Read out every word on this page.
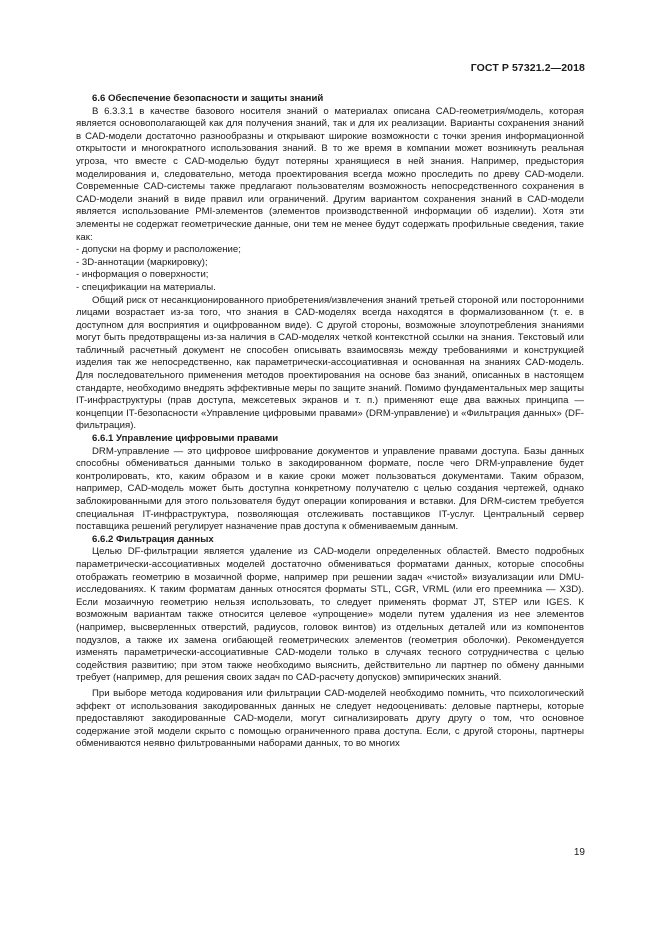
ГОСТ Р 57321.2—2018

6.6 Обеспечение безопасности и защиты знаний

В 6.3.3.1 в качестве базового носителя знаний о материалах описана CAD-геометрия/модель, которая является основополагающей как для получения знаний, так и для их реализации. Варианты сохранения знаний в CAD-модели достаточно разнообразны и открывают широкие возможности с точки зрения информационной открытости и многократного использования знаний. В то же время в компании может возникнуть реальная угроза, что вместе с CAD-моделью будут потеряны хранящиеся в ней знания. Например, предыстория моделирования и, следовательно, метода проектирования всегда можно проследить по древу CAD-модели. Современные CAD-системы также предлагают пользователям возможность непосредственного сохранения в CAD-модели знаний в виде правил или ограничений. Другим вариантом сохранения знаний в CAD-модели является использование PMI-элементов (элементов производственной информации об изделии). Хотя эти элементы не содержат геометрические данные, они тем не менее будут содержать профильные сведения, такие как:

- допуски на форму и расположение;
- 3D-аннотации (маркировку);
- информация о поверхности;
- спецификации на материалы.

Общий риск от несанкционированного приобретения/извлечения знаний третьей стороной или посторонними лицами возрастает из-за того, что знания в CAD-моделях всегда находятся в формализованном (т. е. в доступном для восприятия и оцифрованном виде). С другой стороны, возможные злоупотребления знаниями могут быть предотвращены из-за наличия в CAD-моделях четкой контекстной ссылки на знания. Текстовый или табличный расчетный документ не способен описывать взаимосвязь между требованиями и конструкцией изделия так же непосредственно, как параметрически-ассоциативная и основанная на знаниях CAD-модель. Для последовательного применения методов проектирования на основе баз знаний, описанных в настоящем стандарте, необходимо внедрять эффективные меры по защите знаний. Помимо фундаментальных мер защиты IT-инфраструктуры (прав доступа, межсетевых экранов и т. п.) применяют еще два важных принципа — концепции IT-безопасности «Управление цифровыми правами» (DRM-управление) и «Фильтрация данных» (DF-фильтрация).

6.6.1 Управление цифровыми правами

DRM-управление — это цифровое шифрование документов и управление правами доступа. Базы данных способны обмениваться данными только в закодированном формате, после чего DRM-управление будет контролировать, кто, каким образом и в какие сроки может пользоваться документами. Таким образом, например, CAD-модель может быть доступна конкретному получателю с целью создания чертежей, однако заблокированными для этого пользователя будут операции копирования и вставки. Для DRM-систем требуется специальная IT-инфраструктура, позволяющая отслеживать поставщиков IT-услуг. Центральный сервер поставщика решений регулирует назначение прав доступа к обмениваемым данным.

6.6.2 Фильтрация данных

Целью DF-фильтрации является удаление из CAD-модели определенных областей. Вместо подробных параметрически-ассоциативных моделей достаточно обмениваться форматами данных, которые способны отображать геометрию в мозаичной форме, например при решении задач «чистой» визуализации или DMU-исследованиях. К таким форматам данных относятся форматы STL, CGR, VRML (или его преемника — X3D). Если мозаичную геометрию нельзя использовать, то следует применять формат JT, STEP или IGES. К возможным вариантам также относится целевое «упрощение» модели путем удаления из нее элементов (например, высверленных отверстий, радиусов, головок винтов) из отдельных деталей или из компонентов подузлов, а также их замена огибающей геометрических элементов (геометрия оболочки). Рекомендуется изменять параметрически-ассоциативные CAD-модели только в случаях тесного сотрудничества с целью содействия развитию; при этом также необходимо выяснить, действительно ли партнер по обмену данными требует (например, для решения своих задач по CAD-расчету допусков) эмпирических знаний.

При выборе метода кодирования или фильтрации CAD-моделей необходимо помнить, что психологический эффект от использования закодированных данных не следует недооценивать: деловые партнеры, которые предоставляют закодированные CAD-модели, могут сигнализировать другу другу о том, что основное содержание этой модели скрыто с помощью ограниченного права доступа. Если, с другой стороны, партнеры обмениваются неявно фильтрованными наборами данных, то во многих

19
